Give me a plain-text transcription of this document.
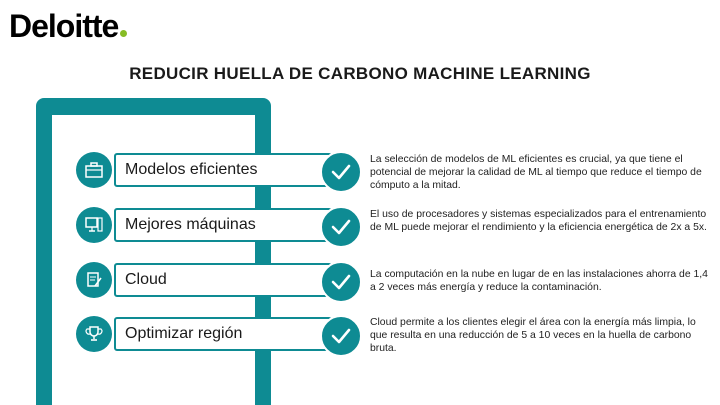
Deloitte
REDUCIR HUELLA DE CARBONO MACHINE LEARNING
Modelos eficientes
La selección de modelos de ML eficientes es crucial, ya que tiene el potencial de mejorar la calidad de ML al tiempo que reduce el tiempo de cómputo a la mitad.
Mejores máquinas
El uso de procesadores y sistemas especializados para el entrenamiento de ML puede mejorar el rendimiento y la eficiencia energética de 2x a 5x.
Cloud	La computación en la nube en lugar de en las instalaciones ahorra de 1,4 a 2 veces más energía y reduce la contaminación.
Optimizar región
Cloud permite a los clientes elegir el área con la energía más limpia, lo que resulta en una reducción de 5 a 10 veces en la huella de carbono bruta.
